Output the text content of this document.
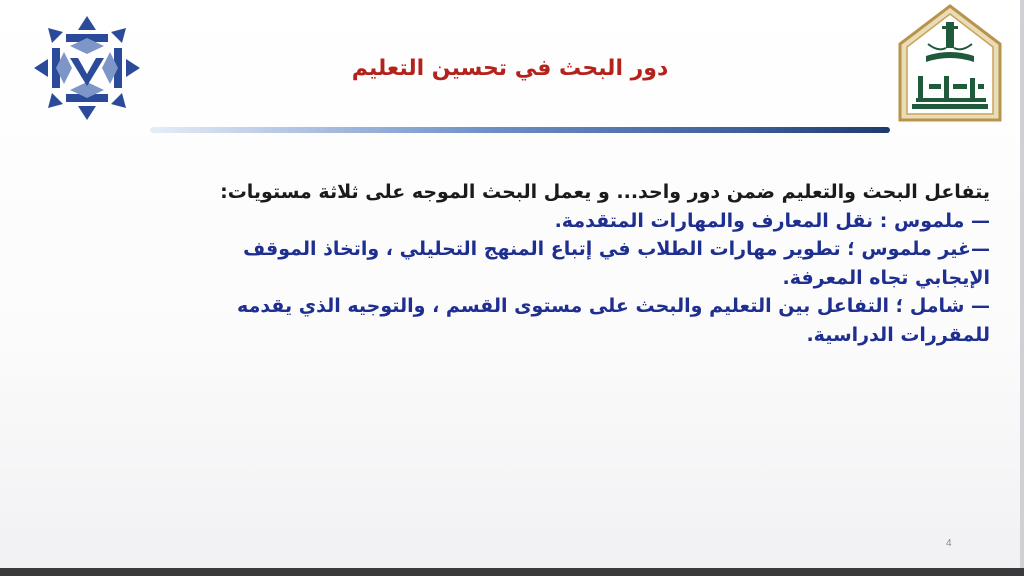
دور البحث في تحسين التعليم

يتفاعل البحث والتعليم ضمن دور واحد... و يعمل البحث الموجه على ثلاثة مستويات:

— ملموس : نقل المعارف والمهارات المتقدمة.

—غير ملموس ؛ تطوير مهارات الطلاب في إتباع المنهج التحليلي ، واتخاذ الموقف الإيجابي تجاه المعرفة.

— شامل ؛ التفاعل بين التعليم والبحث على مستوى القسم ، والتوجيه الذي يقدمه للمقررات الدراسية.

4
